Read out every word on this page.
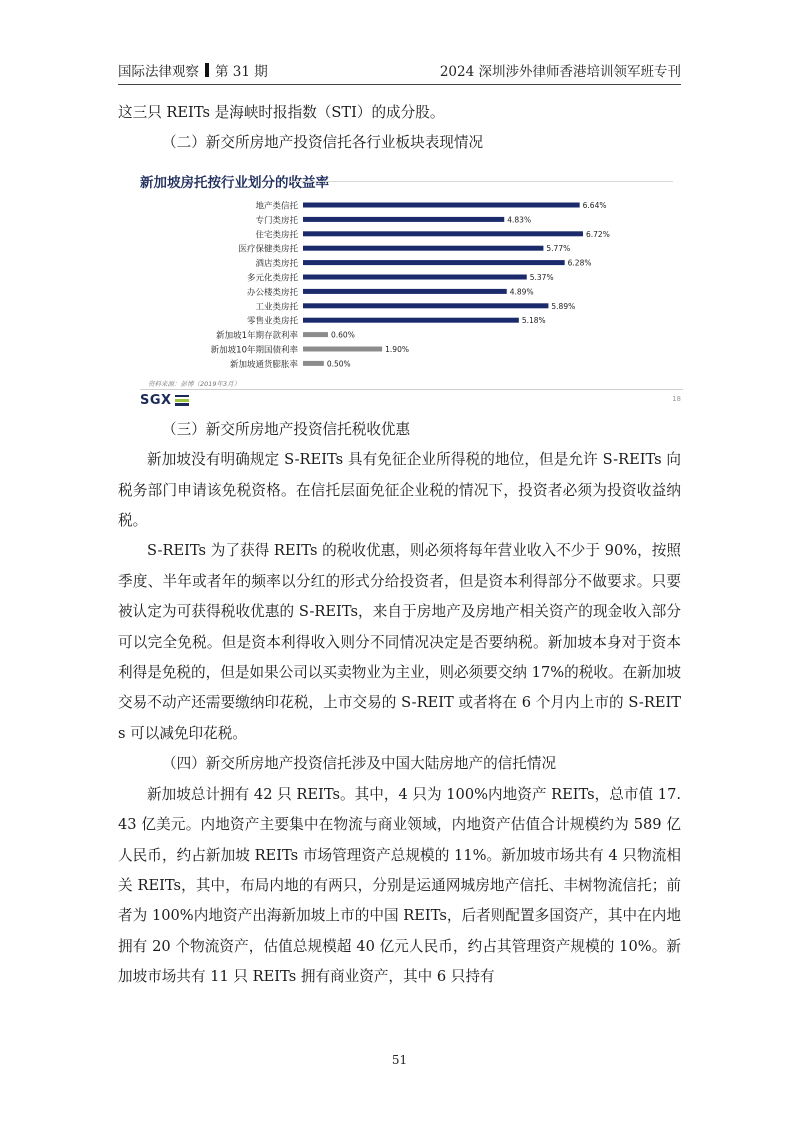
国际法律观察 第 31 期	2024 深圳涉外律师香港培训领军班专刊

这三只 REITs 是海峡时报指数（STI）的成分股。

（二）新交所房地产投资信托各行业板块表现情况

新加坡房托按行业划分的收益率
地产类信托	6.64%
专门类房托	4.83%
住宅类房托	6.72%
医疗保健类房托	5.77%
酒店类房托	6.28%
多元化类房托	5.37%
办公楼类房托	4.89%
工业类房托	5.89%
零售业类房托	5.18%
新加坡1年期存款利率	0.60%
新加坡10年期国债利率	1.90%
新加坡通货膨胀率	0.50%
资料来源：彭博（2019年3月）
SGX	18

（三）新交所房地产投资信托税收优惠

新加坡没有明确规定 S-REITs 具有免征企业所得税的地位，但是允许 S-REITs 向税务部门申请该免税资格。在信托层面免征企业税的情况下，投资者必须为投资收益纳税。

S-REITs 为了获得 REITs 的税收优惠，则必须将每年营业收入不少于 90%，按照季度、半年或者年的频率以分红的形式分给投资者，但是资本利得部分不做要求。只要被认定为可获得税收优惠的 S-REITs，来自于房地产及房地产相关资产的现金收入部分可以完全免税。但是资本利得收入则分不同情况决定是否要纳税。新加坡本身对于资本利得是免税的，但是如果公司以买卖物业为主业，则必须要交纳 17%的税收。在新加坡交易不动产还需要缴纳印花税，上市交易的 S-REIT 或者将在 6 个月内上市的 S-REITs 可以减免印花税。

（四）新交所房地产投资信托涉及中国大陆房地产的信托情况

新加坡总计拥有 42 只 REITs。其中，4 只为 100%内地资产 REITs，总市值 17.43 亿美元。内地资产主要集中在物流与商业领域，内地资产估值合计规模约为 589 亿人民币，约占新加坡 REITs 市场管理资产总规模的 11%。新加坡市场共有 4 只物流相关 REITs，其中，布局内地的有两只，分别是运通网城房地产信托、丰树物流信托；前者为 100%内地资产出海新加坡上市的中国 REITs，后者则配置多国资产，其中在内地拥有 20 个物流资产，估值总规模超 40 亿元人民币，约占其管理资产规模的 10%。新加坡市场共有 11 只 REITs 拥有商业资产，其中 6 只持有

51
